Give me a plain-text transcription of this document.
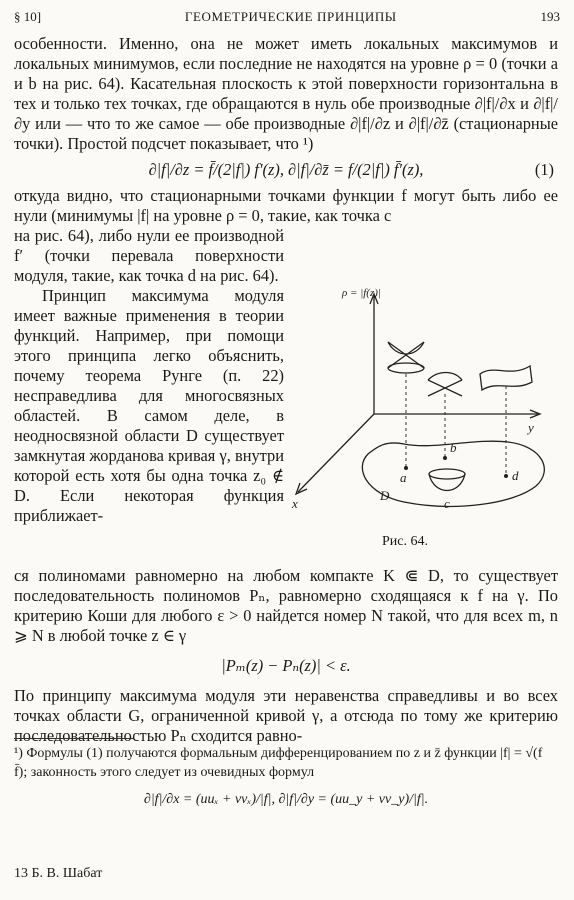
§ 10]	ГЕОМЕТРИЧЕСКИЕ ПРИНЦИПЫ	193

особенности. Именно, она не может иметь локальных максимумов и локальных минимумов, если последние не находятся на уровне ρ = 0 (точки a и b на рис. 64). Касательная плоскость к этой поверхности горизонтальна в тех и только тех точках, где обращаются в нуль обе производные ∂|f|/∂x и ∂|f|/∂y или — что то же самое — обе производные ∂|f|/∂z и ∂|f|/∂z̄ (стационарные точки). Простой подсчет показывает, что ¹)

∂|f|/∂z = f̄/(2|f|) f′(z), ∂|f|/∂z̄ = f/(2|f|) f̄′(z),	(1)

откуда видно, что стационарными точками функции f могут быть либо ее нули (минимумы |f| на уровне ρ = 0, такие, как точка c

на рис. 64), либо нули ее производной f′ (точки перевала поверхности модуля, такие, как точка d на рис. 64).

Принцип максимума модуля имеет важные применения в теории функций. Например, при помощи этого принципа легко объяснить, почему теорема Рунге (п. 22) несправедлива для многосвязных областей. В самом деле, в неодносвязной области D существует замкнутая жорданова кривая γ, внутри которой есть хотя бы одна точка z₀ ∉ D. Если некоторая функция приближает-

ся полиномами равномерно на любом компакте K ⋐ D, то существует последовательность полиномов Pₙ, равномерно сходящаяся к f на γ. По критерию Коши для любого ε > 0 найдется номер N такой, что для всех m, n ⩾ N в любой точке z ∈ γ

|Pₘ(z) − Pₙ(z)| < ε.

По принципу максимума модуля эти неравенства справедливы и во всех точках области G, ограниченной кривой γ, а отсюда по тому же критерию последовательностью Pₙ сходится равно-

a
b
c
d
D
ρ = |f(z)|
y
x
Рис. 64.
¹) Формулы (1) получаются формальным дифференцированием по z и z̄ функции |f| = √(f f̄); законность этого следует из очевидных формул
∂|f|/∂x = (uuₓ + vvₓ)/|f|, ∂|f|/∂y = (uu_y + vv_y)/|f|.
13 Б. В. Шабат
